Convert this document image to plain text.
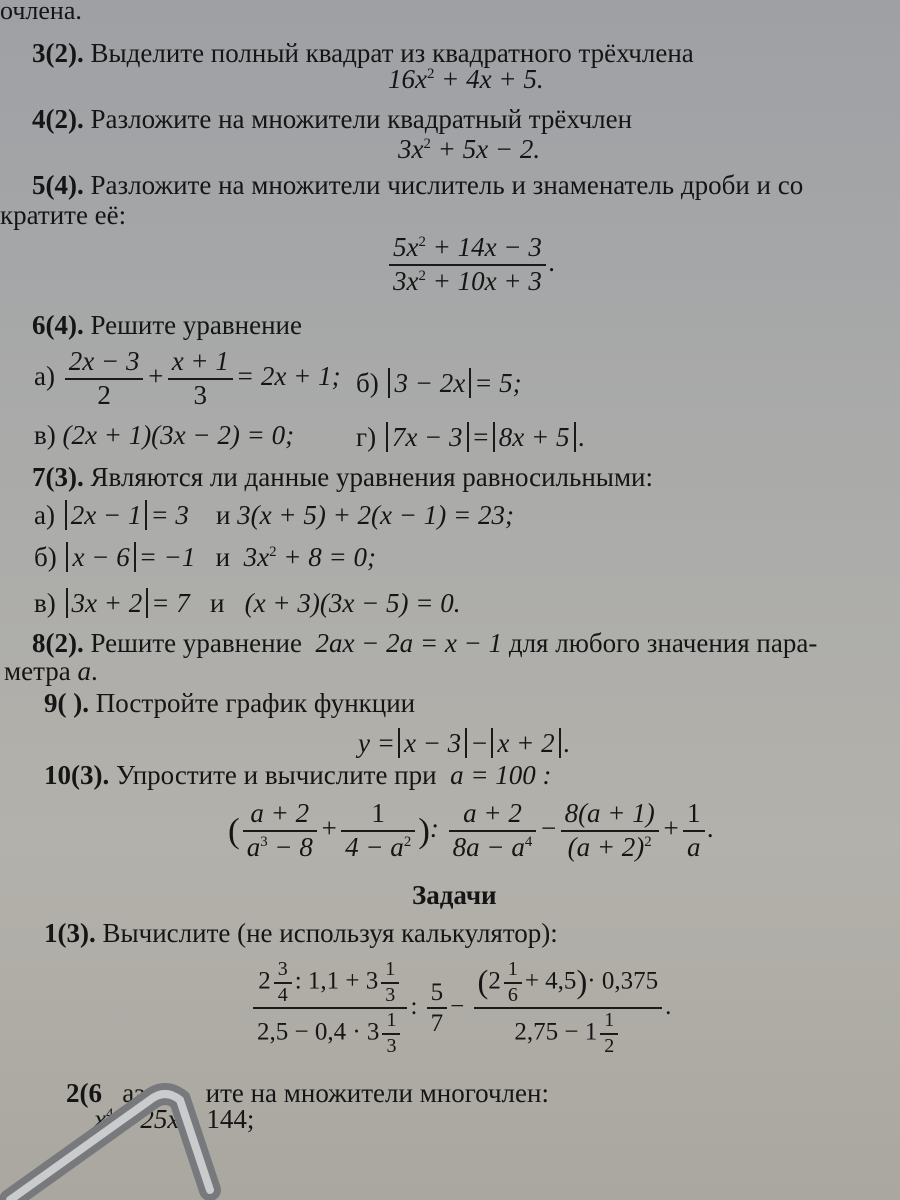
очлена.
3(2). Выделите полный квадрат из квадратного трёхчлена
$16x^2 + 4x + 5$.
4(2). Разложите на множители квадратный трёхчлен
$3x^2 + 5x - 2$.
5(4). Разложите на множители числитель и знаменатель дроби и со
кратите её:
$\frac{5x^2 + 14x - 3}{3x^2 + 10x + 3}$ .
6(4). Решите уравнение
$а) \frac{2x - 3}{2} + \frac{x + 1}{3} = 2x + 1$; б) 3 − 2x = 5;
в) (2x + 1)(3x − 2) = 0; г) 7x − 3 = 8x + 5 .
7(3). Являются ли данные уравнения равносильными:
а) 2x − 1 = 3    и 3(x + 5) + 2(x − 1) = 23;
б) x − 6 = −1   и  $3x^2 + 8 = 0$;
в) 3x + 2 = 7   и   (x + 3)(3x − 5) = 0.
8(2). Решите уравнение  2ax − 2a = x − 1 для любого значения пара-
метра a.
9( ). Постройте график функции
y = x − 3 − x + 2 .
10(3). Упростите и вычислите при  a = 100 :
( $\frac{a + 2}{a^3 - 8} + \frac{1}{4 - a^2}$ ): $\frac{a + 2}{8a - a^4} - \frac{8(a + 1)}{(a + 2)^2} + \frac{1}{a}$ .
Задачи
1(3). Вычислите (не используя калькулятор):
$\frac{2 \frac{3}{4} : 1,1 + 3 \frac{1}{3}}{2,5 - 0,4 \cdot 3 \frac{1}{3}}$ : $\frac{5}{7} - \frac{(2 \frac{1}{6} + 4,5)\cdot 0,375}{2,75 - 1 \frac{1}{2}}$ .
2(6 азло ите на множители многочлен:
$x^4 - 25x$ 144;
